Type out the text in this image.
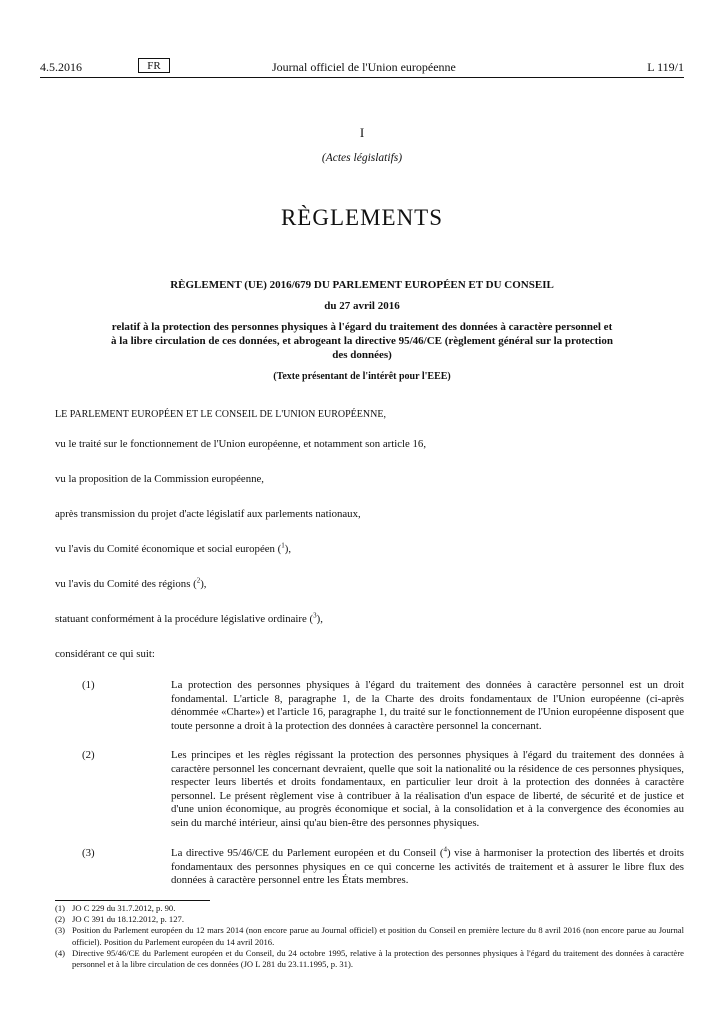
4.5.2016	FR	Journal officiel de l'Union européenne	L 119/1
I
(Actes législatifs)
RÈGLEMENTS
RÈGLEMENT (UE) 2016/679 DU PARLEMENT EUROPÉEN ET DU CONSEIL
du 27 avril 2016
relatif à la protection des personnes physiques à l'égard du traitement des données à caractère personnel et à la libre circulation de ces données, et abrogeant la directive 95/46/CE (règlement général sur la protection des données)
(Texte présentant de l'intérêt pour l'EEE)
LE PARLEMENT EUROPÉEN ET LE CONSEIL DE L'UNION EUROPÉENNE,
vu le traité sur le fonctionnement de l'Union européenne, et notamment son article 16,
vu la proposition de la Commission européenne,
après transmission du projet d'acte législatif aux parlements nationaux,
vu l'avis du Comité économique et social européen ($^1$),
vu l'avis du Comité des régions ($^2$),
statuant conformément à la procédure législative ordinaire ($^3$),
considérant ce qui suit:
(1)	La protection des personnes physiques à l'égard du traitement des données à caractère personnel est un droit fondamental. L'article 8, paragraphe 1, de la Charte des droits fondamentaux de l'Union européenne (ci-après dénommée «Charte») et l'article 16, paragraphe 1, du traité sur le fonctionnement de l'Union européenne disposent que toute personne a droit à la protection des données à caractère personnel la concernant.
(2)	Les principes et les règles régissant la protection des personnes physiques à l'égard du traitement des données à caractère personnel les concernant devraient, quelle que soit la nationalité ou la résidence de ces personnes physiques, respecter leurs libertés et droits fondamentaux, en particulier leur droit à la protection des données à caractère personnel. Le présent règlement vise à contribuer à la réalisation d'un espace de liberté, de sécurité et de justice et d'une union économique, au progrès économique et social, à la consolidation et à la convergence des économies au sein du marché intérieur, ainsi qu'au bien-être des personnes physiques.
(3)	La directive 95/46/CE du Parlement européen et du Conseil ($^4$) vise à harmoniser la protection des libertés et droits fondamentaux des personnes physiques en ce qui concerne les activités de traitement et à assurer le libre flux des données à caractère personnel entre les États membres.
(1) JO C 229 du 31.7.2012, p. 90.
(2) JO C 391 du 18.12.2012, p. 127.
(3) Position du Parlement européen du 12 mars 2014 (non encore parue au Journal officiel) et position du Conseil en première lecture du 8 avril 2016 (non encore parue au Journal officiel). Position du Parlement européen du 14 avril 2016.
(4) Directive 95/46/CE du Parlement européen et du Conseil, du 24 octobre 1995, relative à la protection des personnes physiques à l'égard du traitement des données à caractère personnel et à la libre circulation de ces données (JO L 281 du 23.11.1995, p. 31).
